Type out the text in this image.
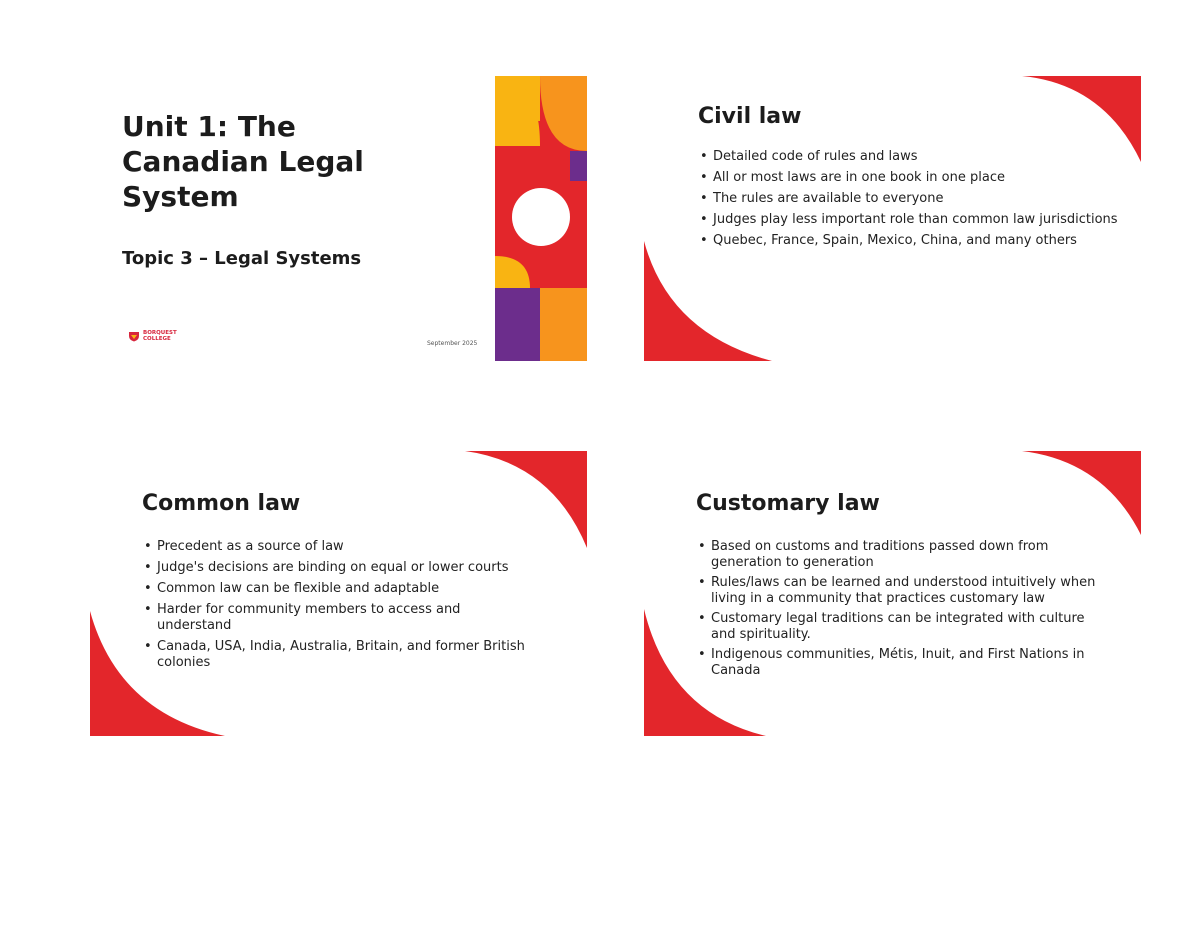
Unit 1: The Canadian Legal System
Topic 3 – Legal Systems
BORQUEST COLLEGE
September 2025
Civil law
• Detailed code of rules and laws
• All or most laws are in one book in one place
• The rules are available to everyone
• Judges play less important role than common law jurisdictions
• Quebec, France, Spain, Mexico, China, and many others
Common law
• Precedent as a source of law
• Judge's decisions are binding on equal or lower courts
• Common law can be flexible and adaptable
• Harder for community members to access and understand
• Canada, USA, India, Australia, Britain, and former British colonies
Customary law
• Based on customs and traditions passed down from generation to generation
• Rules/laws can be learned and understood intuitively when living in a community that practices customary law
• Customary legal traditions can be integrated with culture and spirituality.
• Indigenous communities, Métis, Inuit, and First Nations in Canada
